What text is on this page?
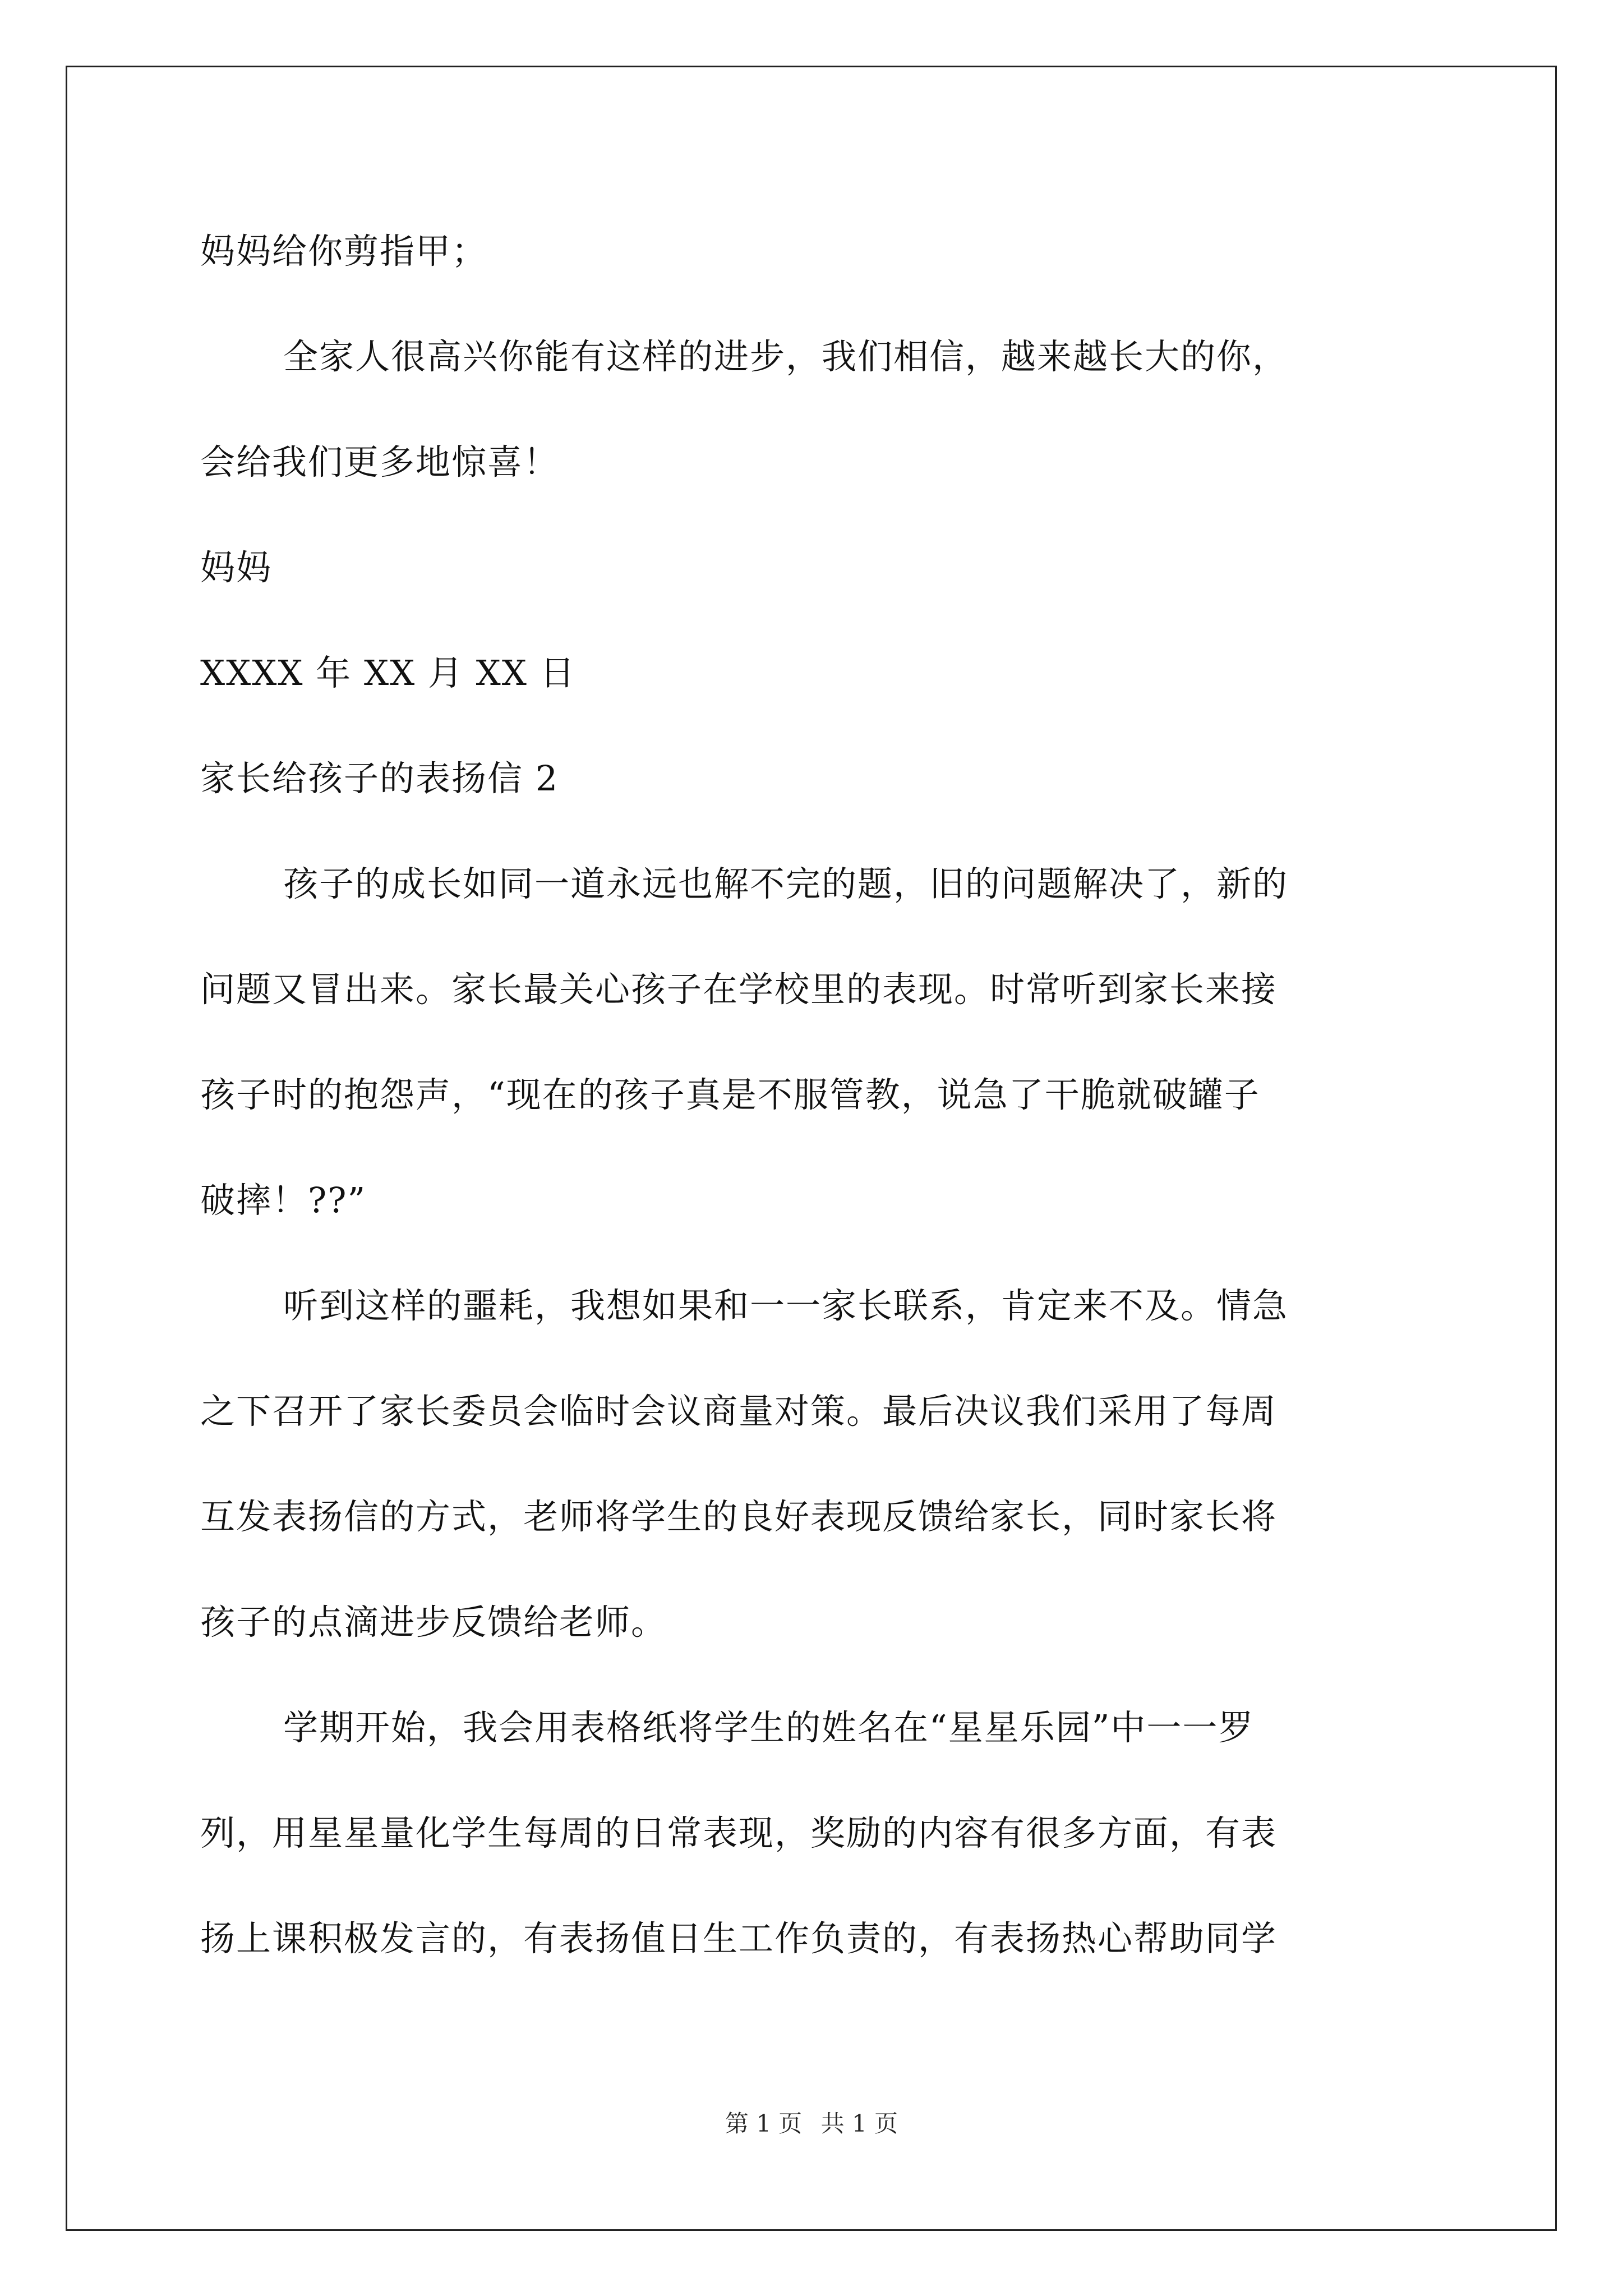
妈妈给你剪指甲；
全家人很高兴你能有这样的进步，我们相信，越来越长大的你，
会给我们更多地惊喜！
妈妈
XXXX 年 XX 月 XX 日
家长给孩子的表扬信 2
孩子的成长如同一道永远也解不完的题，旧的问题解决了，新的
问题又冒出来。家长最关心孩子在学校里的表现。时常听到家长来接
孩子时的抱怨声，“现在的孩子真是不服管教，说急了干脆就破罐子
破摔！??”
听到这样的噩耗，我想如果和一一家长联系，肯定来不及。情急
之下召开了家长委员会临时会议商量对策。最后决议我们采用了每周
互发表扬信的方式，老师将学生的良好表现反馈给家长，同时家长将
孩子的点滴进步反馈给老师。
学期开始，我会用表格纸将学生的姓名在“星星乐园”中一一罗
列，用星星量化学生每周的日常表现，奖励的内容有很多方面，有表
扬上课积极发言的，有表扬值日生工作负责的，有表扬热心帮助同学
第 1 页 共 1 页
